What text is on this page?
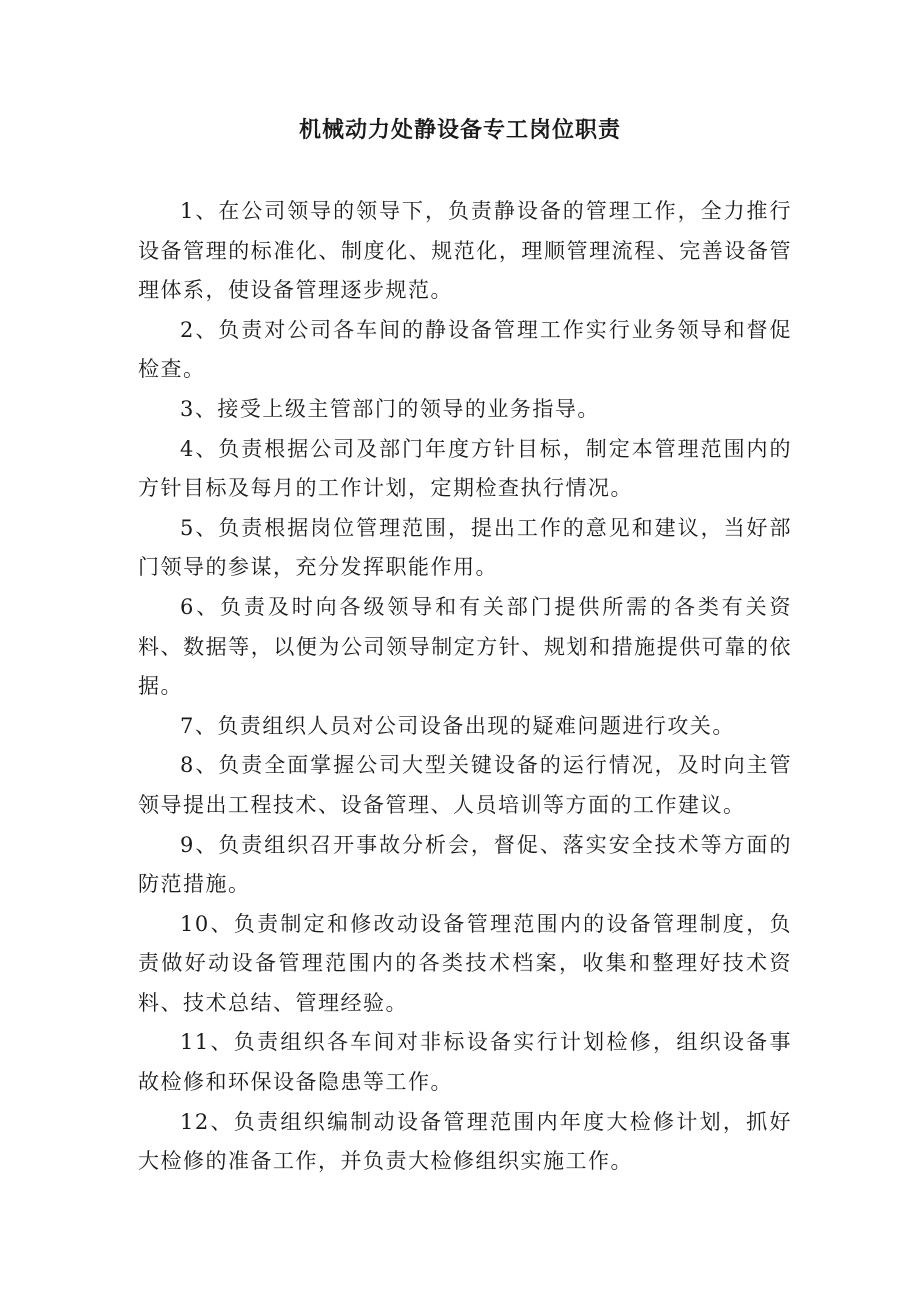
机械动力处静设备专工岗位职责

1、在公司领导的领导下，负责静设备的管理工作，全力推行设备管理的标准化、制度化、规范化，理顺管理流程、完善设备管理体系，使设备管理逐步规范。

2、负责对公司各车间的静设备管理工作实行业务领导和督促检查。

3、接受上级主管部门的领导的业务指导。

4、负责根据公司及部门年度方针目标，制定本管理范围内的方针目标及每月的工作计划，定期检查执行情况。

5、负责根据岗位管理范围，提出工作的意见和建议，当好部门领导的参谋，充分发挥职能作用。

6、负责及时向各级领导和有关部门提供所需的各类有关资料、数据等，以便为公司领导制定方针、规划和措施提供可靠的依据。

7、负责组织人员对公司设备出现的疑难问题进行攻关。

8、负责全面掌握公司大型关键设备的运行情况，及时向主管领导提出工程技术、设备管理、人员培训等方面的工作建议。

9、负责组织召开事故分析会，督促、落实安全技术等方面的防范措施。

10、负责制定和修改动设备管理范围内的设备管理制度，负责做好动设备管理范围内的各类技术档案，收集和整理好技术资料、技术总结、管理经验。

11、负责组织各车间对非标设备实行计划检修，组织设备事故检修和环保设备隐患等工作。

12、负责组织编制动设备管理范围内年度大检修计划，抓好大检修的准备工作，并负责大检修组织实施工作。
